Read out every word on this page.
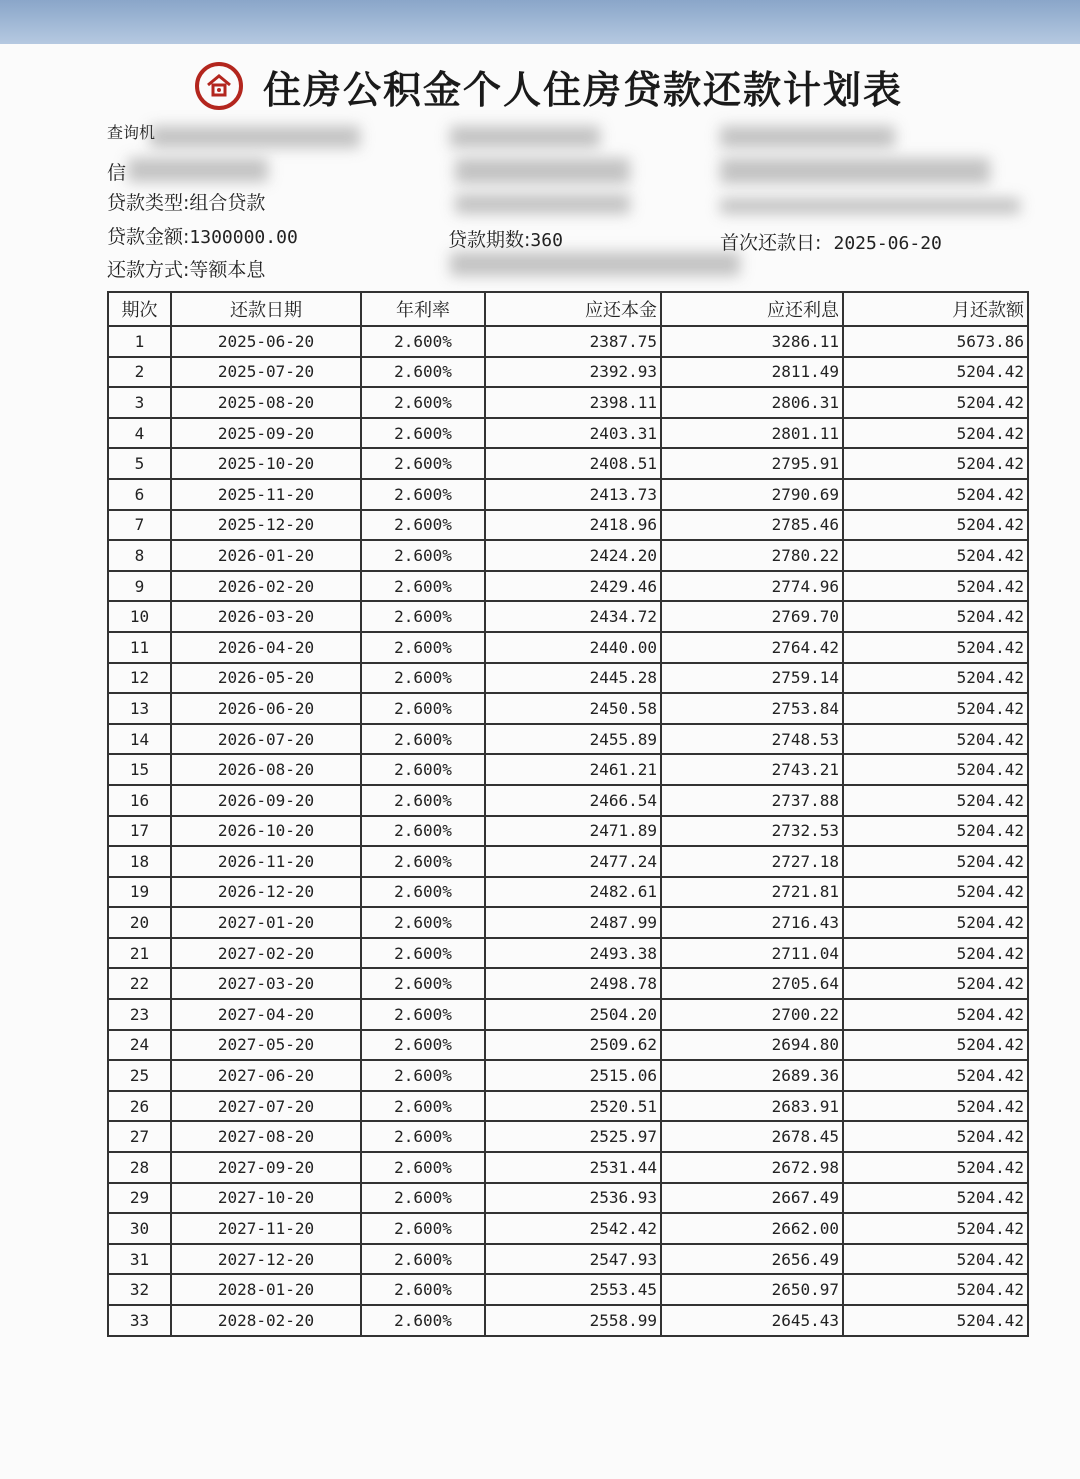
住房公积金个人住房贷款还款计划表
信
贷款类型:组合贷款
贷款金额:1300000.00	贷款期数:360	首次还款日: 2025-06-20
还款方式:等额本息
期次	还款日期	年利率	应还本金	应还利息	月还款额
1	2025-06-20	2.600%	2387.75	3286.11	5673.86
2	2025-07-20	2.600%	2392.93	2811.49	5204.42
3	2025-08-20	2.600%	2398.11	2806.31	5204.42
4	2025-09-20	2.600%	2403.31	2801.11	5204.42
5	2025-10-20	2.600%	2408.51	2795.91	5204.42
6	2025-11-20	2.600%	2413.73	2790.69	5204.42
7	2025-12-20	2.600%	2418.96	2785.46	5204.42
8	2026-01-20	2.600%	2424.20	2780.22	5204.42
9	2026-02-20	2.600%	2429.46	2774.96	5204.42
10	2026-03-20	2.600%	2434.72	2769.70	5204.42
11	2026-04-20	2.600%	2440.00	2764.42	5204.42
12	2026-05-20	2.600%	2445.28	2759.14	5204.42
13	2026-06-20	2.600%	2450.58	2753.84	5204.42
14	2026-07-20	2.600%	2455.89	2748.53	5204.42
15	2026-08-20	2.600%	2461.21	2743.21	5204.42
16	2026-09-20	2.600%	2466.54	2737.88	5204.42
17	2026-10-20	2.600%	2471.89	2732.53	5204.42
18	2026-11-20	2.600%	2477.24	2727.18	5204.42
19	2026-12-20	2.600%	2482.61	2721.81	5204.42
20	2027-01-20	2.600%	2487.99	2716.43	5204.42
21	2027-02-20	2.600%	2493.38	2711.04	5204.42
22	2027-03-20	2.600%	2498.78	2705.64	5204.42
23	2027-04-20	2.600%	2504.20	2700.22	5204.42
24	2027-05-20	2.600%	2509.62	2694.80	5204.42
25	2027-06-20	2.600%	2515.06	2689.36	5204.42
26	2027-07-20	2.600%	2520.51	2683.91	5204.42
27	2027-08-20	2.600%	2525.97	2678.45	5204.42
28	2027-09-20	2.600%	2531.44	2672.98	5204.42
29	2027-10-20	2.600%	2536.93	2667.49	5204.42
30	2027-11-20	2.600%	2542.42	2662.00	5204.42
31	2027-12-20	2.600%	2547.93	2656.49	5204.42
32	2028-01-20	2.600%	2553.45	2650.97	5204.42
33	2028-02-20	2.600%	2558.99	2645.43	5204.42
